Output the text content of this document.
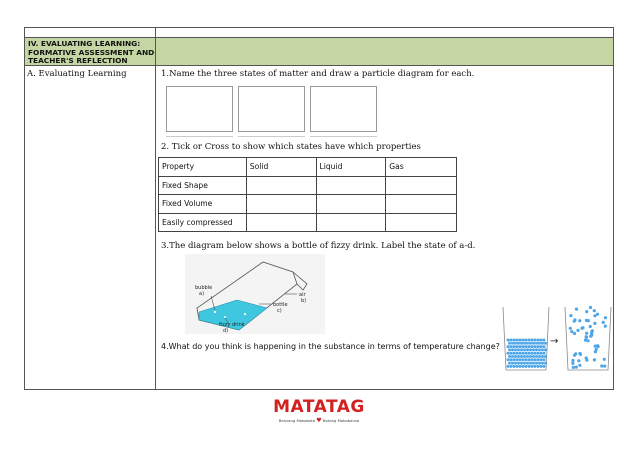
IV. EVALUATING LEARNING:
FORMATIVE ASSESSMENT AND
TEACHER'S REFLECTION
A. Evaluating Learning	1.Name the three states of matter and draw a particle diagram for each.
2. Tick or Cross to show which states have which properties
Property	Solid	Liquid	Gas
Fixed Shape			
Fixed Volume			
Easily compressed			
3.The diagram below shows a bottle of fizzy drink. Label the state of a-d.
bubble
a)	air
b)
bottle
c)
fizzy drink
d)
4.What do you think is happening in the substance in terms of temperature change?	→
MATATAG
Bansang Makabata ♥ Batang Makabansa
